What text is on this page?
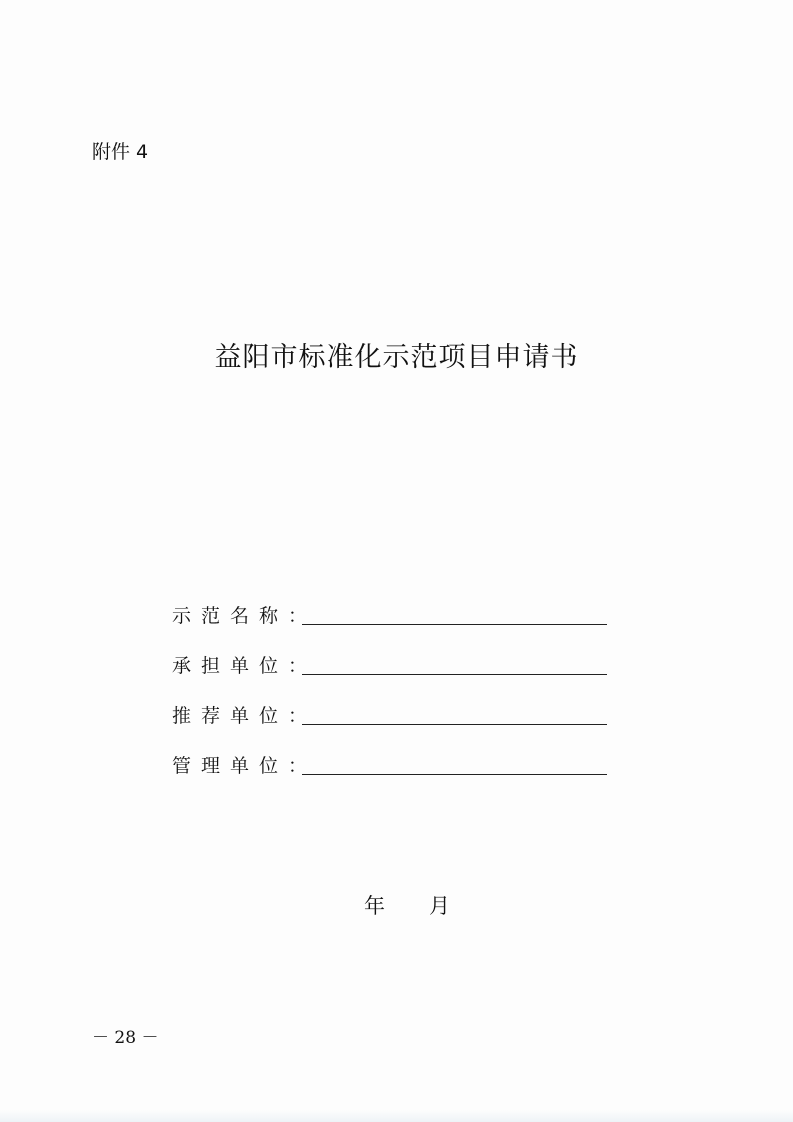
附件 4
益阳市标准化示范项目申请书
示范名称 ：
承担单位 ：
推荐单位 ：
管理单位 ：
年 月
－ 28 －
